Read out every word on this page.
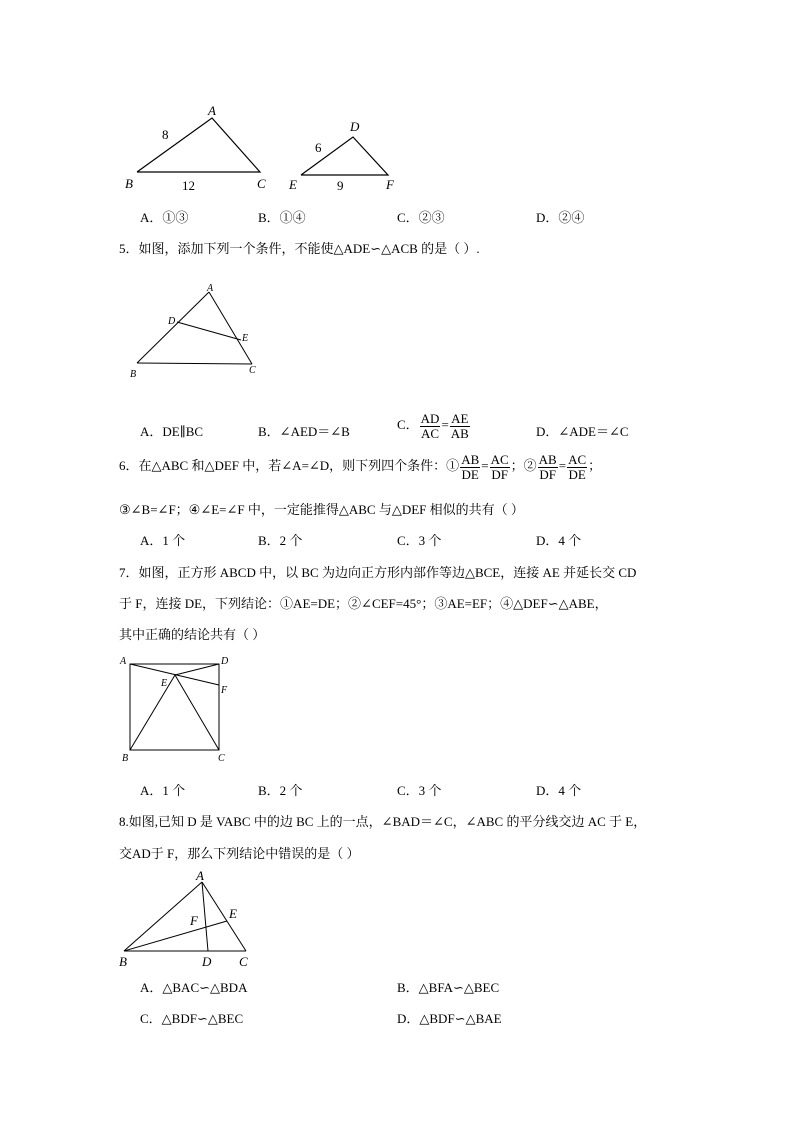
A
B	C
8
12
D
E	F
6
9
A．①③	B．①④	C．②③	D．②④
5．如图，添加下列一个条件，不能使△ADE∽△ACB 的是（ ）.
A
D
E
B	C
A．DE∥BC	B．∠AED＝∠B	C． $\frac{AD}{AC} = \frac{AE}{AB}$	D．∠ADE＝∠C
6．在△ABC 和△DEF 中，若∠A=∠D，则下列四个条件：① $\frac{AB}{DE} = \frac{AC}{DF}$ ；② $\frac{AB}{DF} = \frac{AC}{DE}$ ；
③∠B=∠F；④∠E=∠F 中，一定能推得△ABC 与△DEF 相似的共有（ ）
A．1 个	B．2 个	C．3 个	D．4 个
7．如图，正方形 ABCD 中，以 BC 为边向正方形内部作等边△BCE，连接 AE 并延长交 CD
于 F，连接 DE，下列结论：①AE=DE；②∠CEF=45°；③AE=EF；④△DEF∽△ABE，
其中正确的结论共有（ ）
A	D
E
F
B	C
A．1 个	B．2 个	C．3 个	D．4 个
8.如图,已知 D 是 VABC 中的边 BC 上的一点，∠BAD＝∠C，∠ABC 的平分线交边 AC 于 E，
交AD于 F，那么下列结论中错误的是（ ）
A
E
F
B	D C
A．△BAC∽△BDA	B．△BFA∽△BEC
C．△BDF∽△BEC	D．△BDF∽△BAE
